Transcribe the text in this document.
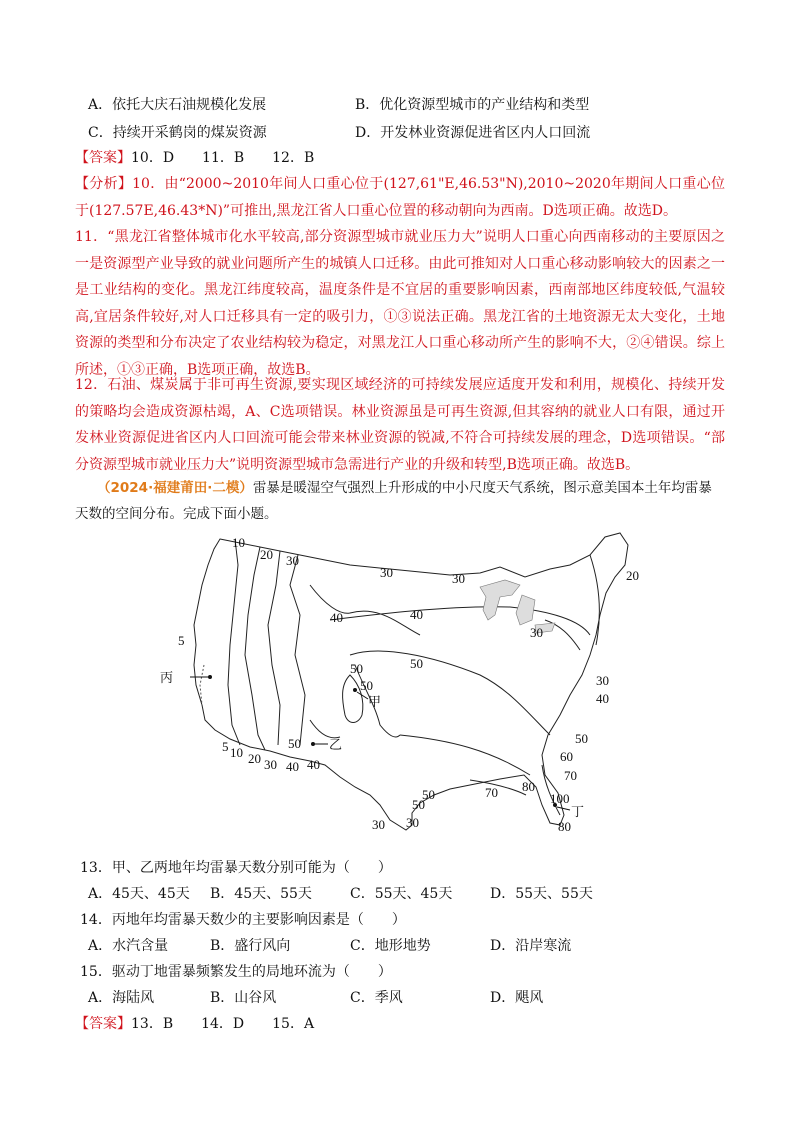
A．依托大庆石油规模化发展	B．优化资源型城市的产业结构和类型
C．持续开采鹤岗的煤炭资源	D．开发林业资源促进省区内人口回流
【答案】10．D　　11．B　　12．B
【分析】10．由“2000~2010年间人口重心位于(127,61"E,46.53"N),2010~2020年期间人口重心位于(127.57E,46.43*N)”可推出,黑龙江省人口重心位置的移动朝向为西南。D选项正确。故选D。
11．“黑龙江省整体城市化水平较高,部分资源型城市就业压力大”说明人口重心向西南移动的主要原因之一是资源型产业导致的就业问题所产生的城镇人口迁移。由此可推知对人口重心移动影响较大的因素之一是工业结构的变化。黑龙江纬度较高，温度条件是不宜居的重要影响因素，西南部地区纬度较低,气温较高,宜居条件较好,对人口迁移具有一定的吸引力，①③说法正确。黑龙江省的土地资源无太大变化，土地资源的类型和分布决定了农业结构较为稳定，对黑龙江人口重心移动所产生的影响不大，②④错误。综上所述，①③正确，B选项正确，故选B。
12．石油、煤炭属于非可再生资源,要实现区域经济的可持续发展应适度开发和利用，规模化、持续开发的策略均会造成资源枯竭，A、C选项错误。林业资源虽是可再生资源,但其容纳的就业人口有限，通过开发林业资源促进省区内人口回流可能会带来林业资源的锐减,不符合可持续发展的理念，D选项错误。“部分资源型城市就业压力大”说明资源型城市急需进行产业的升级和转型,B选项正确。故选B。
（2024·福建莆田·二模）雷暴是暖湿空气强烈上升形成的中小尺度天气系统，图示意美国本土年均雷暴天数的空间分布。完成下面小题。
丙
甲
乙
丁
10
20 30
30	30	20
40	40
5
30
50
50
50
30
40
50
5 10 20 30 40
50
40
60
70
70
50
50
80
100
80
30 30
13．甲、乙两地年均雷暴天数分别可能为（　　）
A．45天、45天 B．45天、55天	C．55天、45天	D．55天、55天
14．丙地年均雷暴天数少的主要影响因素是（　　）
A．水汽含量	B．盛行风向	C．地形地势	D．沿岸寒流
15．驱动丁地雷暴频繁发生的局地环流为（　　）
A．海陆风	B．山谷风	C．季风	D．飓风
【答案】13．B　　14．D　　15．A
